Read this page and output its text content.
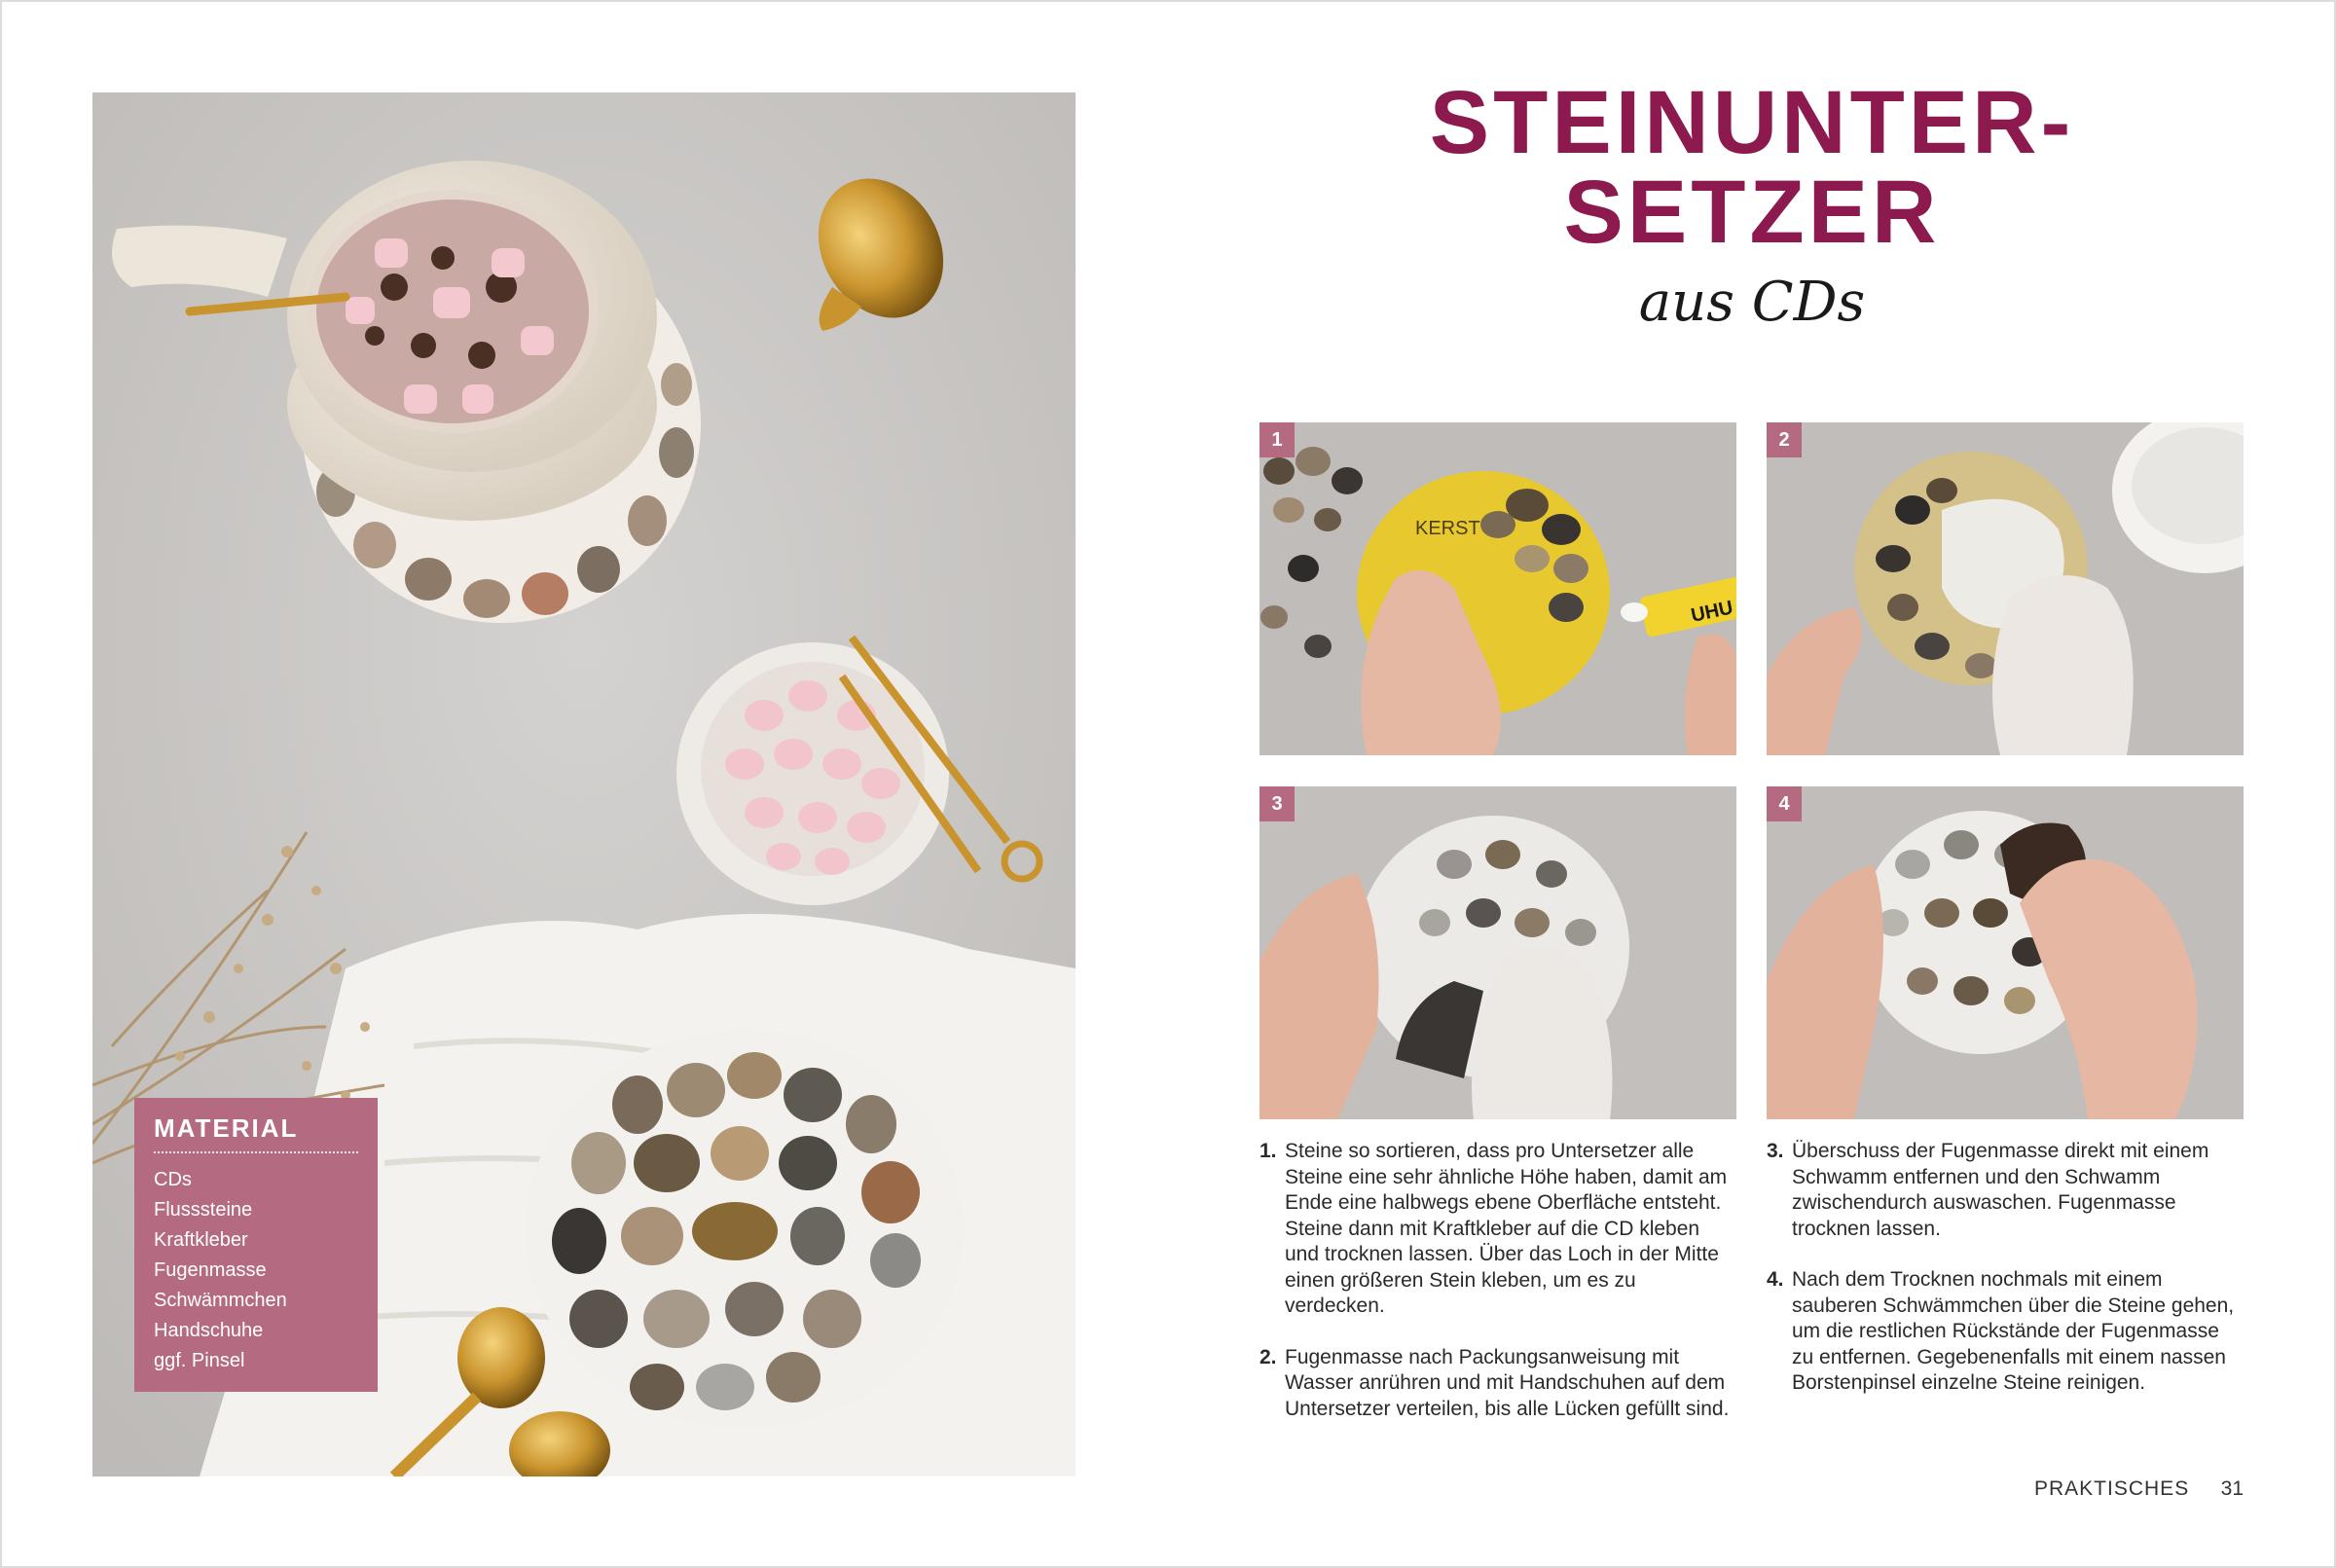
MATERIAL
CDs
Flusssteine
Kraftkleber
Fugenmasse
Schwämmchen
Handschuhe
ggf. Pinsel
STEINUNTER-
SETZER
aus CDs
KERST
UHU
1	2
3	4
1. Steine so sortieren, dass pro Untersetzer alle Steine eine sehr ähnliche Höhe haben, damit am Ende eine halbwegs ebene Oberfläche entsteht. Steine dann mit Kraftkleber auf die CD kleben und trocknen lassen. Über das Loch in der Mitte einen größeren Stein kleben, um es zu verdecken.
2. Fugenmasse nach Packungsanweisung mit Wasser anrühren und mit Handschuhen auf dem Untersetzer verteilen, bis alle Lücken gefüllt sind.
3. Überschuss der Fugenmasse direkt mit einem Schwamm entfernen und den Schwamm zwischendurch auswaschen. Fugenmasse trocknen lassen.
4. Nach dem Trocknen nochmals mit einem sauberen Schwämmchen über die Steine gehen, um die restlichen Rückstände der Fugenmasse zu entfernen. Gegebenenfalls mit einem nassen Borstenpinsel einzelne Steine reinigen.
PRAKTISCHES 31
